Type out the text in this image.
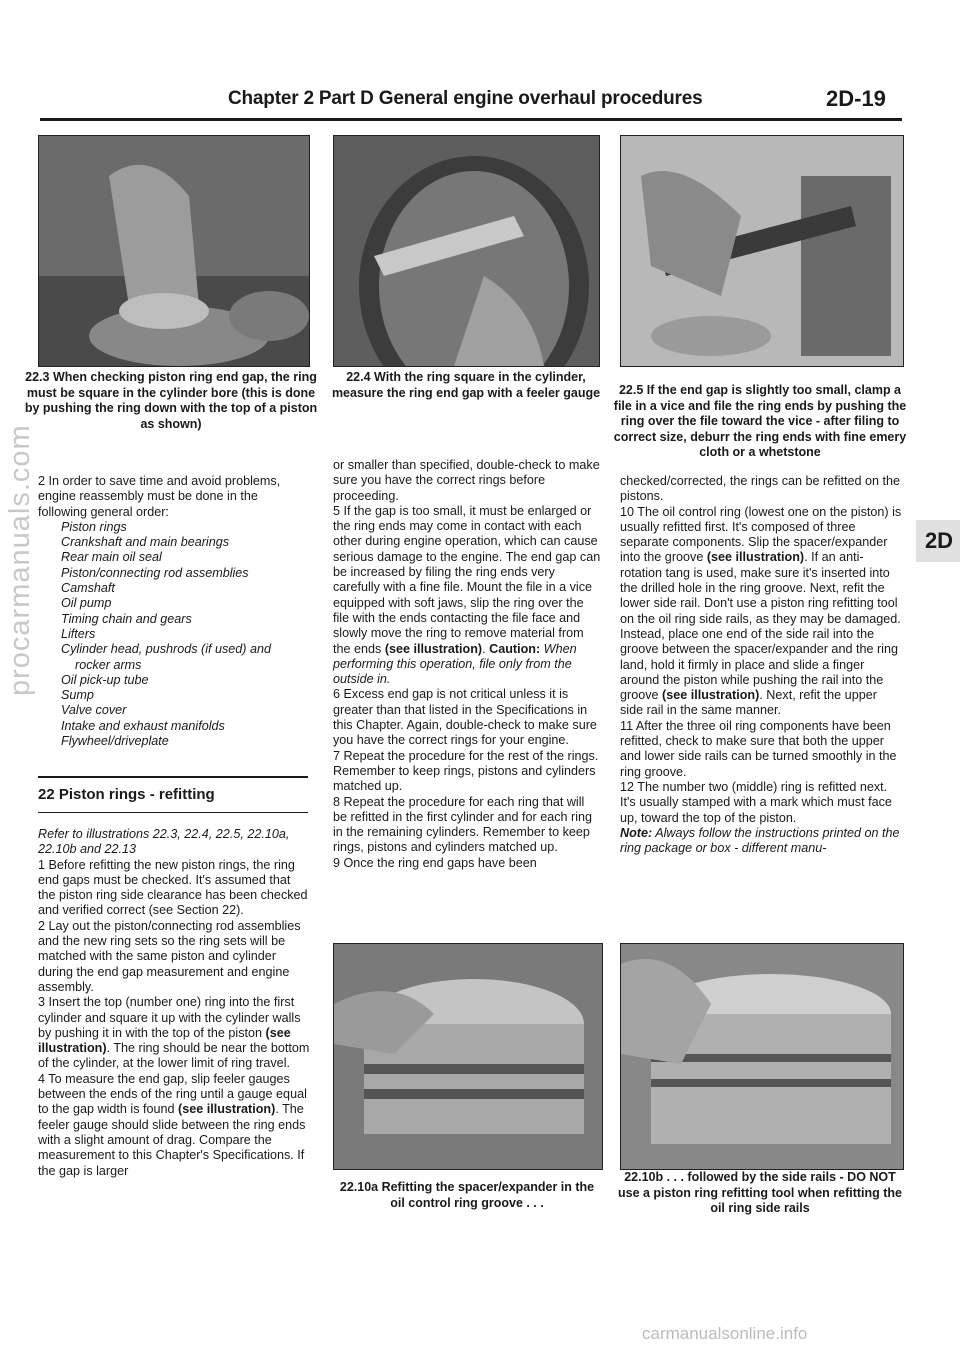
Chapter 2 Part D General engine overhaul procedures	2D-19
procarmanuals.com	2D
22.3 When checking piston ring end gap, the ring must be square in the cylinder bore (this is done by pushing the ring down with the top of a piston as shown)
22.4 With the ring square in the cylinder, measure the ring end gap with a feeler gauge	22.5 If the end gap is slightly too small, clamp a file in a vice and file the ring ends by pushing the ring over the file toward the vice - after filing to correct size, deburr the ring ends with fine emery cloth or a whetstone

2 In order to save time and avoid problems, engine reassembly must be done in the following general order:

Piston rings
Crankshaft and main bearings
Rear main oil seal
Piston/connecting rod assemblies
Camshaft
Oil pump
Timing chain and gears
Lifters
Cylinder head, pushrods (if used) and
rocker arms
Oil pick-up tube
Sump
Valve cover
Intake and exhaust manifolds
Flywheel/driveplate
22 Piston rings - refitting

Refer to illustrations 22.3, 22.4, 22.5, 22.10a, 22.10b and 22.13

1 Before refitting the new piston rings, the ring end gaps must be checked. It's assumed that the piston ring side clearance has been checked and verified correct (see Section 22).

2 Lay out the piston/connecting rod assemblies and the new ring sets so the ring sets will be matched with the same piston and cylinder during the end gap measurement and engine assembly.

3 Insert the top (number one) ring into the first cylinder and square it up with the cylinder walls by pushing it in with the top of the piston (see illustration). The ring should be near the bottom of the cylinder, at the lower limit of ring travel.

4 To measure the end gap, slip feeler gauges between the ends of the ring until a gauge equal to the gap width is found (see illustration). The feeler gauge should slide between the ring ends with a slight amount of drag. Compare the measurement to this Chapter's Specifications. If the gap is larger

or smaller than specified, double-check to make sure you have the correct rings before proceeding.

5 If the gap is too small, it must be enlarged or the ring ends may come in contact with each other during engine operation, which can cause serious damage to the engine. The end gap can be increased by filing the ring ends very carefully with a fine file. Mount the file in a vice equipped with soft jaws, slip the ring over the file with the ends contacting the file face and slowly move the ring to remove material from the ends (see illustration). Caution: When performing this operation, file only from the outside in.

6 Excess end gap is not critical unless it is greater than that listed in the Specifications in this Chapter. Again, double-check to make sure you have the correct rings for your engine.

7 Repeat the procedure for the rest of the rings. Remember to keep rings, pistons and cylinders matched up.

8 Repeat the procedure for each ring that will be refitted in the first cylinder and for each ring in the remaining cylinders. Remember to keep rings, pistons and cylinders matched up.

9 Once the ring end gaps have been

22.10a Refitting the spacer/expander in the oil control ring groove . . .

checked/corrected, the rings can be refitted on the pistons.

10 The oil control ring (lowest one on the piston) is usually refitted first. It's composed of three separate components. Slip the spacer/expander into the groove (see illustration). If an anti-rotation tang is used, make sure it's inserted into the drilled hole in the ring groove. Next, refit the lower side rail. Don't use a piston ring refitting tool on the oil ring side rails, as they may be damaged. Instead, place one end of the side rail into the groove between the spacer/expander and the ring land, hold it firmly in place and slide a finger around the piston while pushing the rail into the groove (see illustration). Next, refit the upper side rail in the same manner.

11 After the three oil ring components have been refitted, check to make sure that both the upper and lower side rails can be turned smoothly in the ring groove.

12 The number two (middle) ring is refitted next. It's usually stamped with a mark which must face up, toward the top of the piston.

Note: Always follow the instructions printed on the ring package or box - different manu-

22.10b . . . followed by the side rails - DO NOT use a piston ring refitting tool when refitting the oil ring side rails
carmanualsonline.info
